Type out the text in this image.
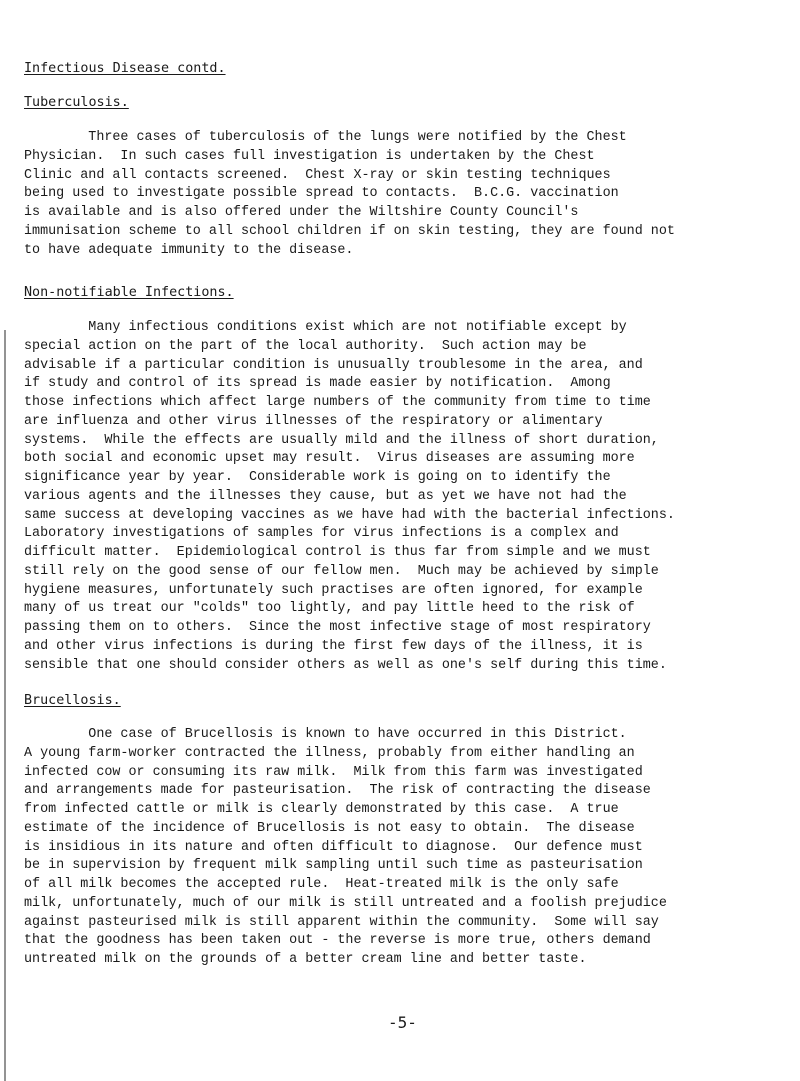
Infectious Disease contd.
Tuberculosis.
Three cases of tuberculosis of the lungs were notified by the Chest
Physician.  In such cases full investigation is undertaken by the Chest
Clinic and all contacts screened.  Chest X-ray or skin testing techniques
being used to investigate possible spread to contacts.  B.C.G. vaccination
is available and is also offered under the Wiltshire County Council's
immunisation scheme to all school children if on skin testing, they are found not
to have adequate immunity to the disease.
Non-notifiable Infections.
Many infectious conditions exist which are not notifiable except by
special action on the part of the local authority.  Such action may be
advisable if a particular condition is unusually troublesome in the area, and
if study and control of its spread is made easier by notification.  Among
those infections which affect large numbers of the community from time to time
are influenza and other virus illnesses of the respiratory or alimentary
systems.  While the effects are usually mild and the illness of short duration,
both social and economic upset may result.  Virus diseases are assuming more
significance year by year.  Considerable work is going on to identify the
various agents and the illnesses they cause, but as yet we have not had the
same success at developing vaccines as we have had with the bacterial infections.
Laboratory investigations of samples for virus infections is a complex and
difficult matter.  Epidemiological control is thus far from simple and we must
still rely on the good sense of our fellow men.  Much may be achieved by simple
hygiene measures, unfortunately such practises are often ignored, for example
many of us treat our "colds" too lightly, and pay little heed to the risk of
passing them on to others.  Since the most infective stage of most respiratory
and other virus infections is during the first few days of the illness, it is
sensible that one should consider others as well as one's self during this time.
Brucellosis.
One case of Brucellosis is known to have occurred in this District.
A young farm-worker contracted the illness, probably from either handling an
infected cow or consuming its raw milk.  Milk from this farm was investigated
and arrangements made for pasteurisation.  The risk of contracting the disease
from infected cattle or milk is clearly demonstrated by this case.  A true
estimate of the incidence of Brucellosis is not easy to obtain.  The disease
is insidious in its nature and often difficult to diagnose.  Our defence must
be in supervision by frequent milk sampling until such time as pasteurisation
of all milk becomes the accepted rule.  Heat-treated milk is the only safe
milk, unfortunately, much of our milk is still untreated and a foolish prejudice
against pasteurised milk is still apparent within the community.  Some will say
that the goodness has been taken out - the reverse is more true, others demand
untreated milk on the grounds of a better cream line and better taste.
-5-
